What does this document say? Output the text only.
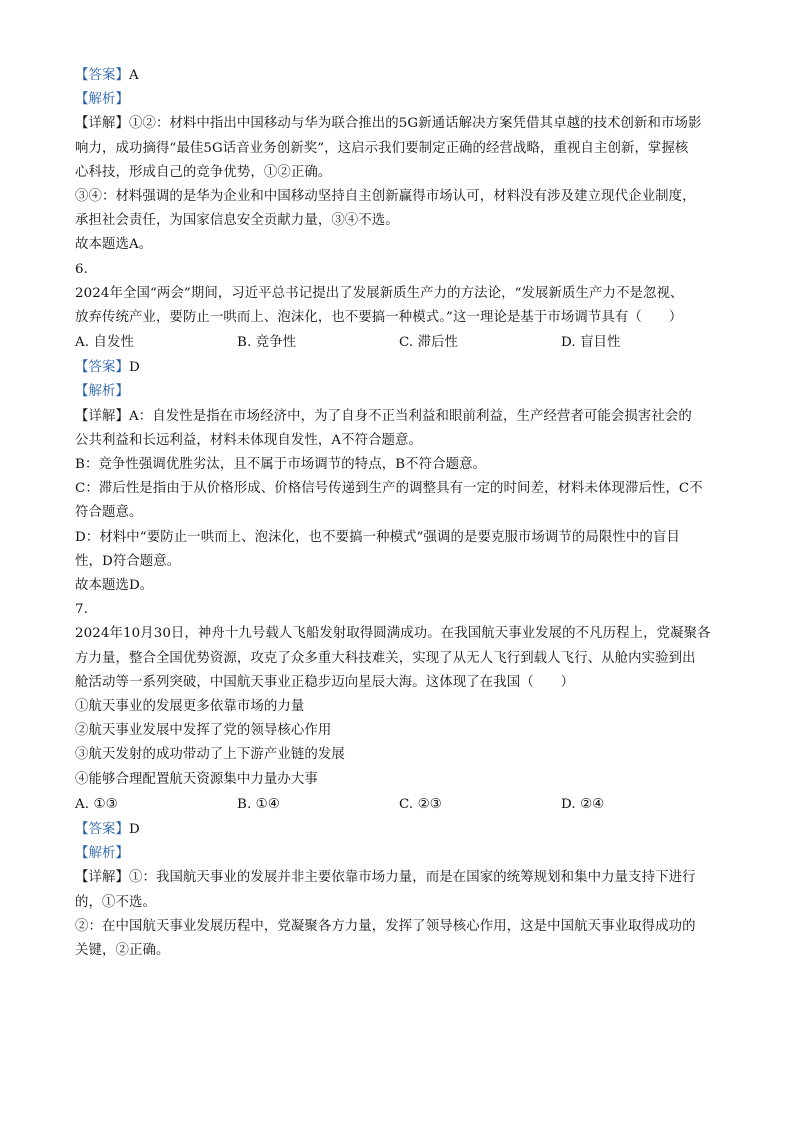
【答案】A

【解析】

【详解】①②：材料中指出中国移动与华为联合推出的5G新通话解决方案凭借其卓越的技术创新和市场影

响力，成功摘得“最佳5G话音业务创新奖”，这启示我们要制定正确的经营战略，重视自主创新，掌握核

心科技，形成自己的竞争优势，①②正确。

③④：材料强调的是华为企业和中国移动坚持自主创新赢得市场认可，材料没有涉及建立现代企业制度，

承担社会责任，为国家信息安全贡献力量，③④不选。

故本题选A。

6.

2024年全国“两会”期间，习近平总书记提出了发展新质生产力的方法论，“发展新质生产力不是忽视、

放弃传统产业，要防止一哄而上、泡沫化，也不要搞一种模式。”这一理论是基于市场调节具有（　　）

A. 自发性	B. 竞争性	C. 滞后性	D. 盲目性

【答案】D

【解析】

【详解】A：自发性是指在市场经济中，为了自身不正当利益和眼前利益，生产经营者可能会损害社会的

公共利益和长远利益，材料未体现自发性，A不符合题意。

B：竞争性强调优胜劣汰，且不属于市场调节的特点，B不符合题意。

C：滞后性是指由于从价格形成、价格信号传递到生产的调整具有一定的时间差，材料未体现滞后性，C不

符合题意。

D：材料中“要防止一哄而上、泡沫化，也不要搞一种模式”强调的是要克服市场调节的局限性中的盲目

性，D符合题意。

故本题选D。

7.

2024年10月30日，神舟十九号载人飞船发射取得圆满成功。在我国航天事业发展的不凡历程上，党凝聚各

方力量，整合全国优势资源，攻克了众多重大科技难关，实现了从无人飞行到载人飞行、从舱内实验到出

舱活动等一系列突破，中国航天事业正稳步迈向星辰大海。这体现了在我国（　　）

①航天事业的发展更多依靠市场的力量

②航天事业发展中发挥了党的领导核心作用

③航天发射的成功带动了上下游产业链的发展

④能够合理配置航天资源集中力量办大事

A. ①③	B. ①④	C. ②③	D. ②④

【答案】D

【解析】

【详解】①：我国航天事业的发展并非主要依靠市场力量，而是在国家的统筹规划和集中力量支持下进行

的，①不选。

②：在中国航天事业发展历程中，党凝聚各方力量，发挥了领导核心作用，这是中国航天事业取得成功的

关键，②正确。
